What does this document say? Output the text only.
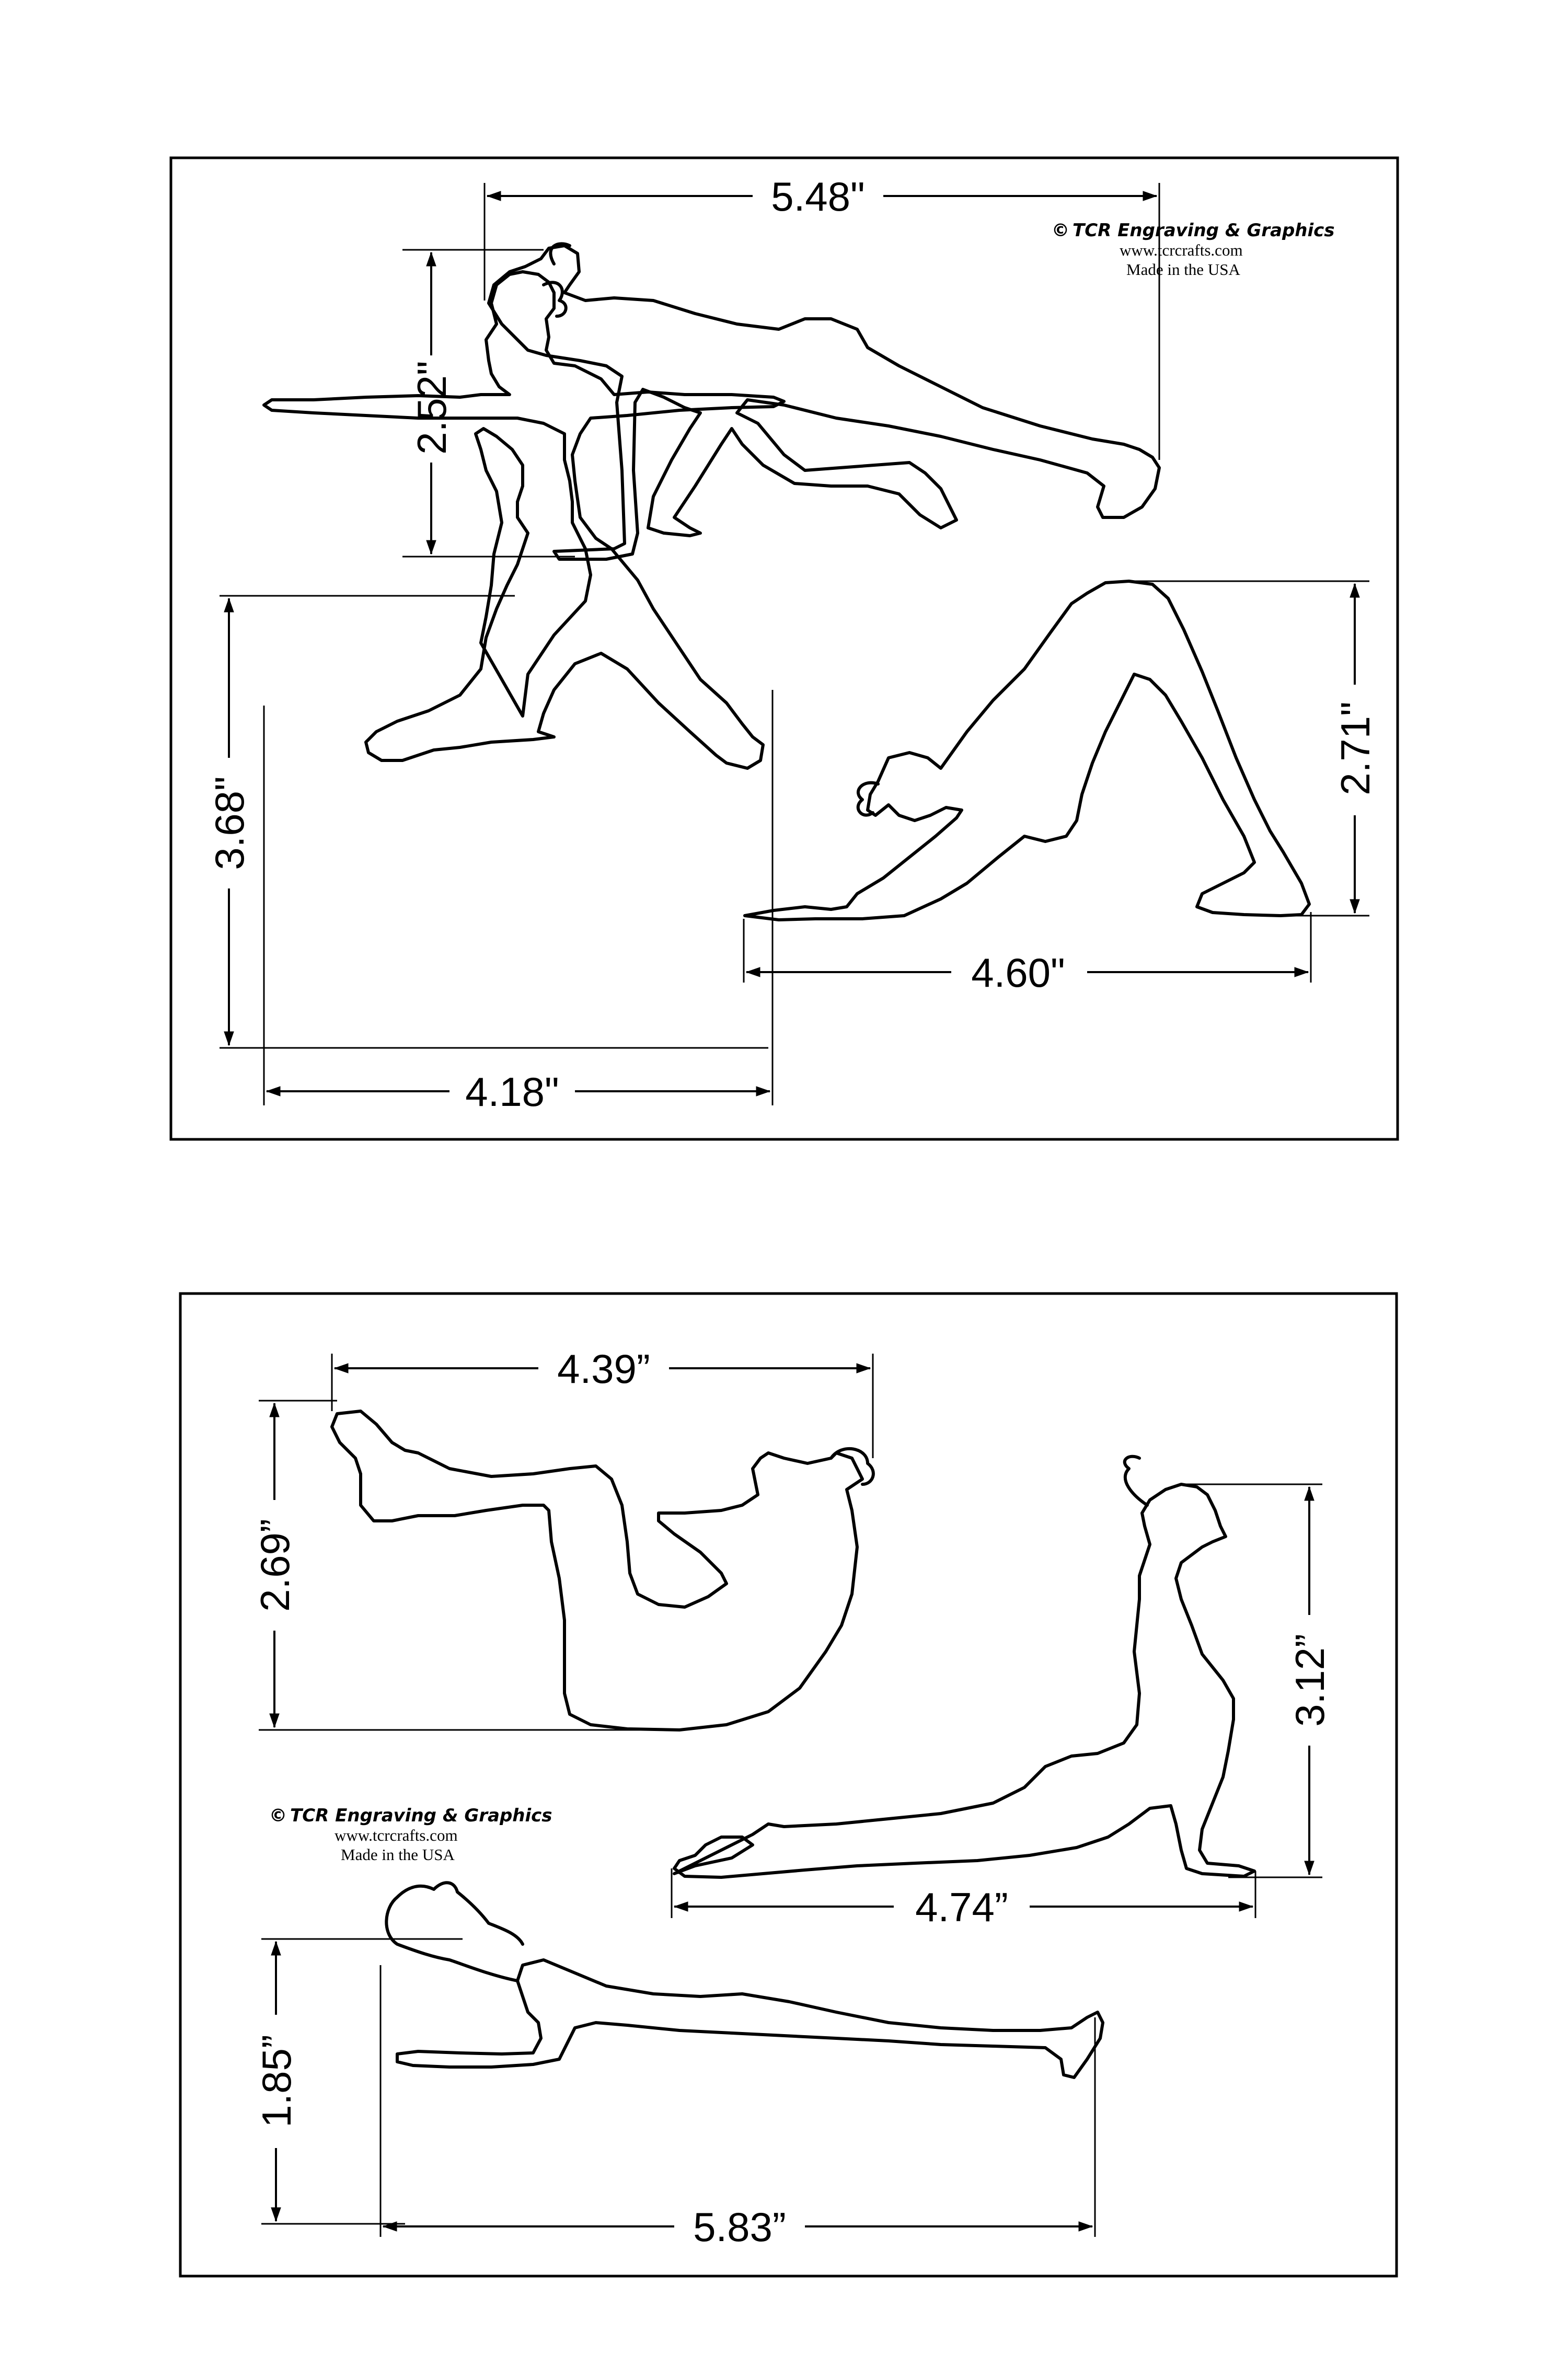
© TCR Engraving & Graphics
www.tcrcrafts.com
Made in the USA
5.48"
2.52"
3.68"
4.18"
2.71"
4.60"
© TCR Engraving & Graphics
www.tcrcrafts.com
Made in the USA
4.39”
2.69”
3.12”
4.74”
1.85”
5.83”
